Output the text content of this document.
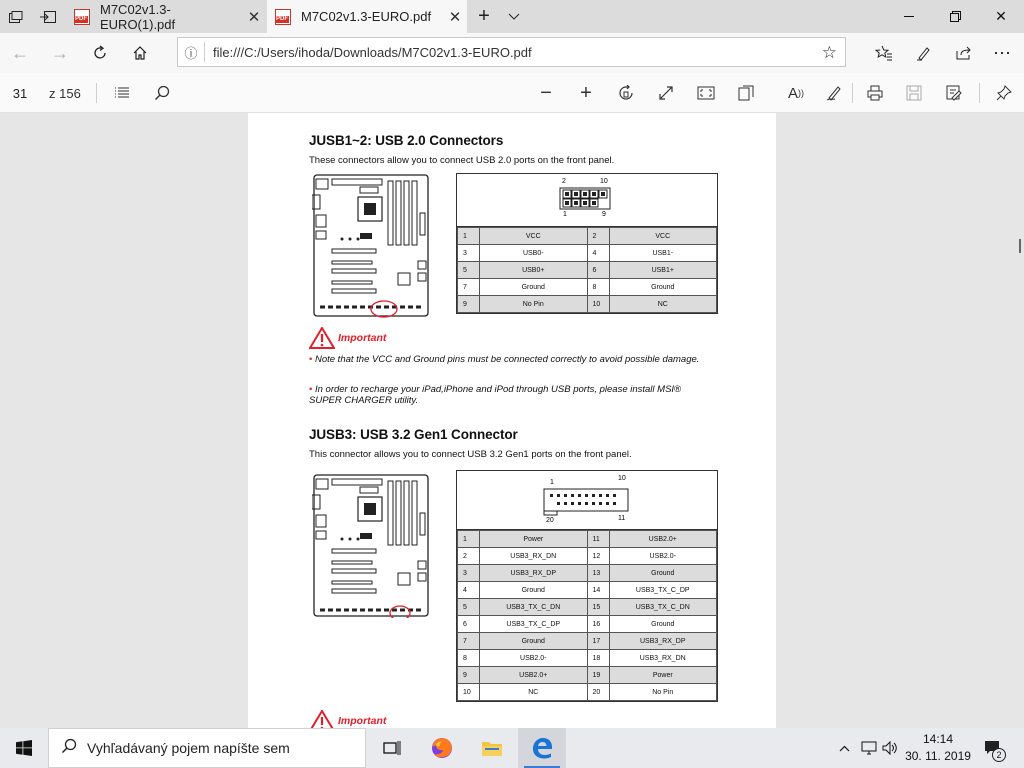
PDF
M7C02v1.3-EURO(1).pdf	✕ PDF	M7C02v1.3-EURO.pdf	✕ +	✕
←	→	ⓘ	file:///C:/Users/ihoda/Downloads/M7C02v1.3-EURO.pdf	☆	⋯
31	z 156	−	+	A ))
JUSB1~2: USB 2.0 Connectors
These connectors allow you to connect USB 2.0 ports on the front panel.
2	10
1	9
1	VCC	2	VCC
3	USB0-	4	USB1-
5	USB0+	6	USB1+
7	Ground	8	Ground
9	No Pin	10	NC
Important
• Note that the VCC and Ground pins must be connected correctly to avoid possible damage.
• In order to recharge your iPad,iPhone and iPod through USB ports, please install MSI® SUPER CHARGER utility.
JUSB3: USB 3.2 Gen1 Connector
This connector allows you to connect USB 3.2 Gen1 ports on the front panel.
1
10
20	11
1	Power	11	USB2.0+
2	USB3_RX_DN	12	USB2.0-
3	USB3_RX_DP	13	Ground
4	Ground	14	USB3_TX_C_DP
5	USB3_TX_C_DN	15	USB3_TX_C_DN
6	USB3_TX_C_DP	16	Ground
7	Ground	17	USB3_RX_DP
8	USB2.0-	18	USB3_RX_DN
9	USB2.0+	19	Power
10	NC	20	No Pin
Important
Vyhľadávaný pojem napíšte sem
14:14
30. 11. 2019	2
